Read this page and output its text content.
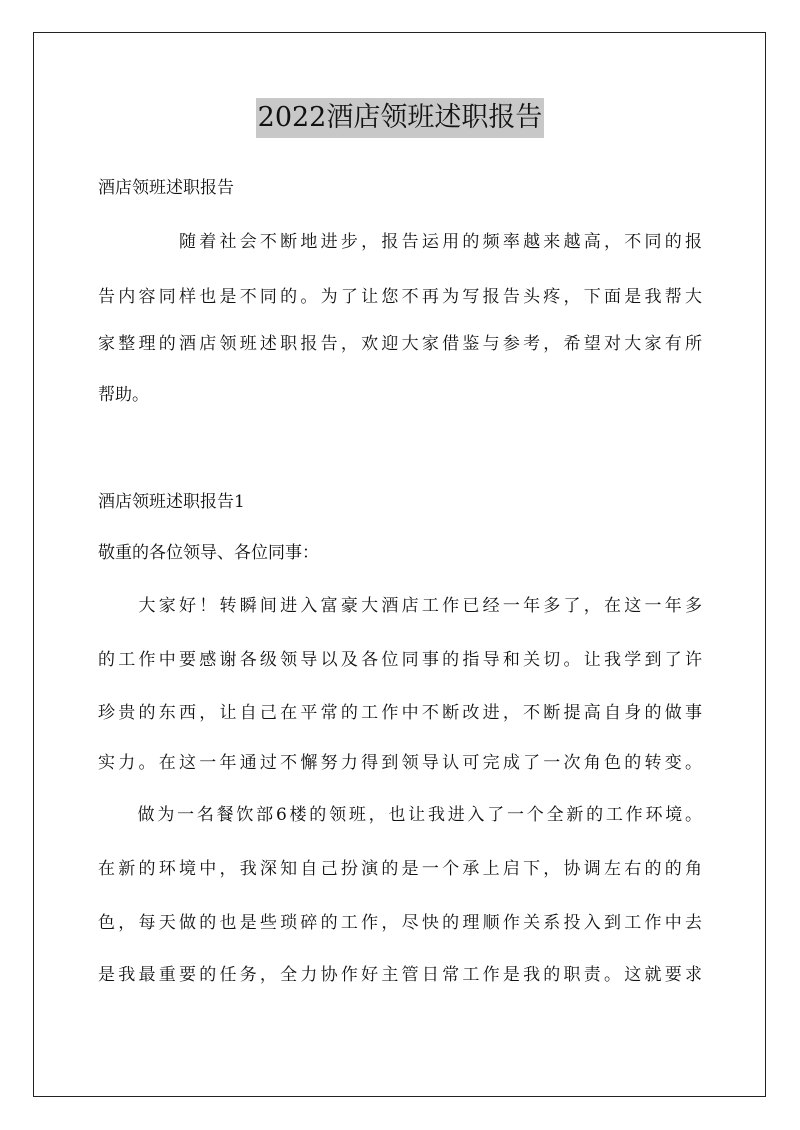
2022酒店领班述职报告
酒店领班述职报告
　　　　随着社会不断地进步，报告运用的频率越来越高，不同的报
告内容同样也是不同的。为了让您不再为写报告头疼，下面是我帮大
家整理的酒店领班述职报告，欢迎大家借鉴与参考，希望对大家有所
帮助。
酒店领班述职报告1
敬重的各位领导、各位同事：
　　大家好！转瞬间进入富豪大酒店工作已经一年多了，在这一年多
的工作中要感谢各级领导以及各位同事的指导和关切。让我学到了许
珍贵的东西，让自己在平常的工作中不断改进，不断提高自身的做事
实力。在这一年通过不懈努力得到领导认可完成了一次角色的转变。
　　做为一名餐饮部6楼的领班，也让我进入了一个全新的工作环境。
在新的环境中，我深知自己扮演的是一个承上启下，协调左右的的角
色，每天做的也是些琐碎的工作，尽快的理顺作关系投入到工作中去
是我最重要的任务，全力协作好主管日常工作是我的职责。这就要求
